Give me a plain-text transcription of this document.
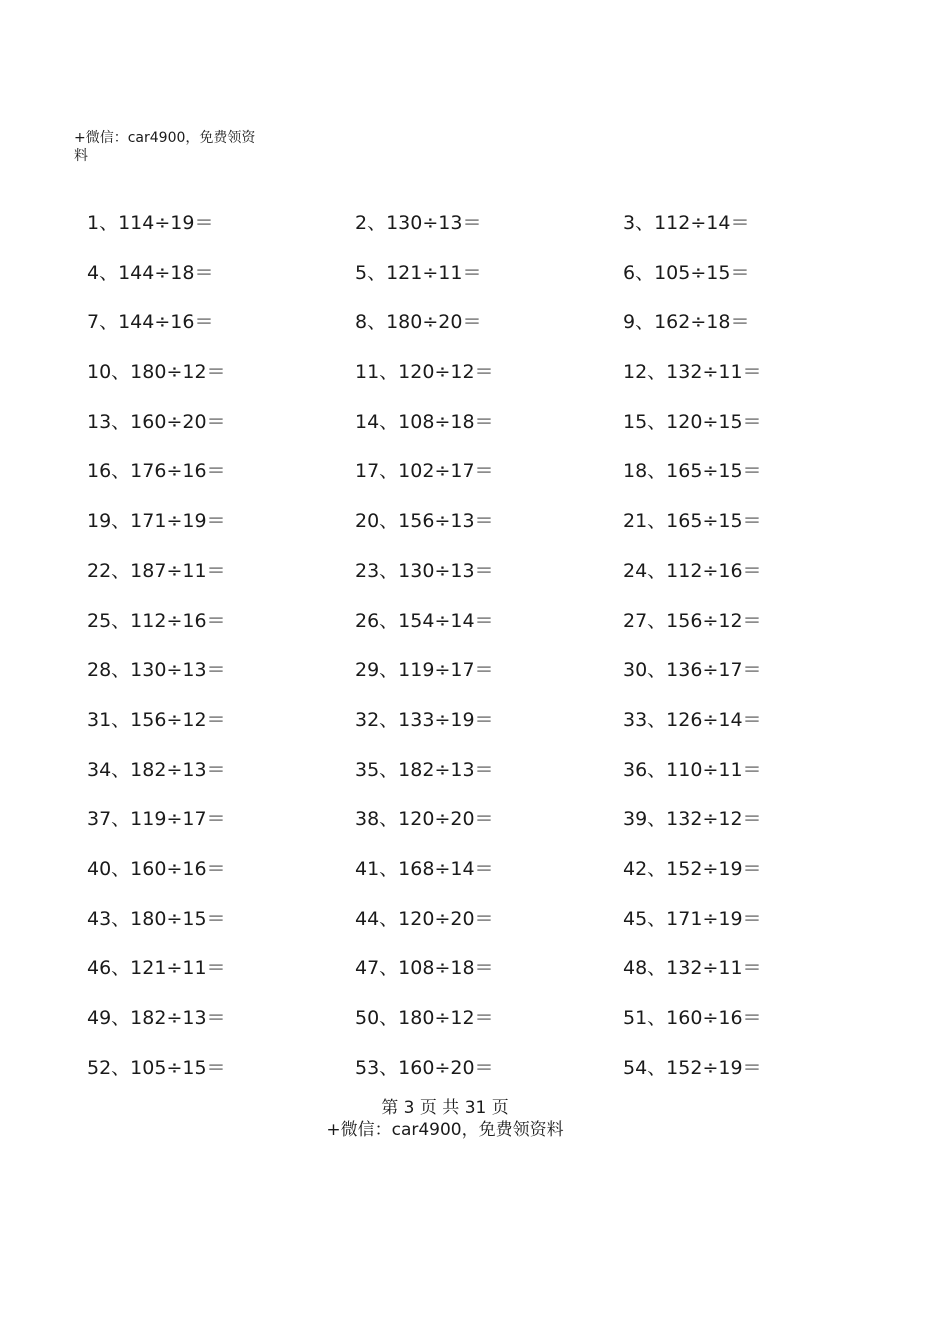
+微信：car4900，免费领资料
1、114÷19＝	2、130÷13＝	3、112÷14＝
4、144÷18＝	5、121÷11＝	6、105÷15＝
7、144÷16＝	8、180÷20＝	9、162÷18＝
10、180÷12＝	11、120÷12＝	12、132÷11＝
13、160÷20＝	14、108÷18＝	15、120÷15＝
16、176÷16＝	17、102÷17＝	18、165÷15＝
19、171÷19＝	20、156÷13＝	21、165÷15＝
22、187÷11＝	23、130÷13＝	24、112÷16＝
25、112÷16＝	26、154÷14＝	27、156÷12＝
28、130÷13＝	29、119÷17＝	30、136÷17＝
31、156÷12＝	32、133÷19＝	33、126÷14＝
34、182÷13＝	35、182÷13＝	36、110÷11＝
37、119÷17＝	38、120÷20＝	39、132÷12＝
40、160÷16＝	41、168÷14＝	42、152÷19＝
43、180÷15＝	44、120÷20＝	45、171÷19＝
46、121÷11＝	47、108÷18＝	48、132÷11＝
49、182÷13＝	50、180÷12＝	51、160÷16＝
52、105÷15＝	53、160÷20＝	54、152÷19＝
第 3 页 共 31 页
+微信：car4900，免费领资料
